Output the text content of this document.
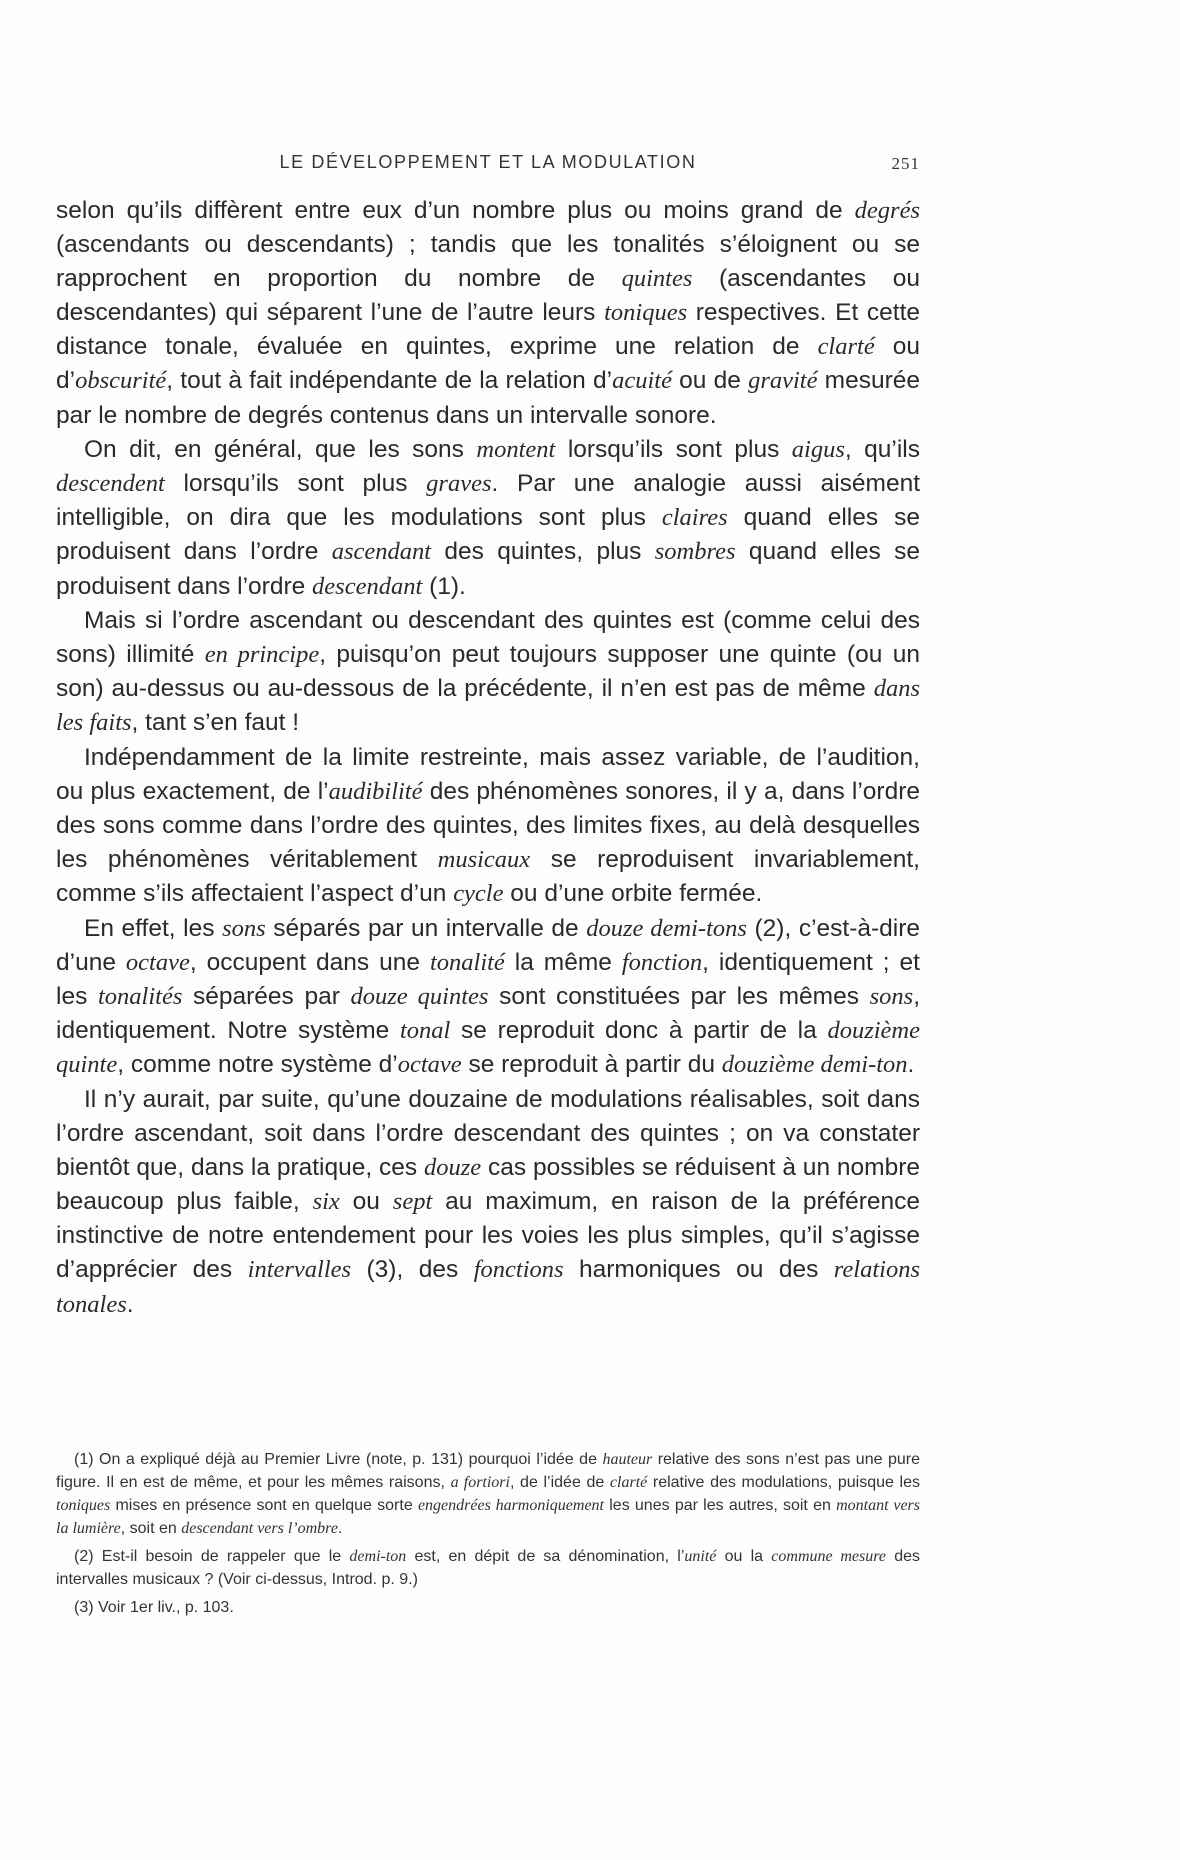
LE DÉVELOPPEMENT ET LA MODULATION	251

selon qu’ils diffèrent entre eux d’un nombre plus ou moins grand de degrés (ascendants ou descendants) ; tandis que les tonalités s’éloignent ou se rapprochent en proportion du nombre de quintes (ascendantes ou descendantes) qui séparent l’une de l’autre leurs toniques respectives. Et cette distance tonale, évaluée en quintes, exprime une relation de clarté ou d’obscurité, tout à fait indépendante de la relation d’acuité ou de gravité mesurée par le nombre de degrés contenus dans un intervalle sonore.

On dit, en général, que les sons montent lorsqu’ils sont plus aigus, qu’ils descendent lorsqu’ils sont plus graves. Par une analogie aussi aisément intelligible, on dira que les modulations sont plus claires quand elles se produisent dans l’ordre ascendant des quintes, plus sombres quand elles se produisent dans l’ordre descendant (1).

Mais si l’ordre ascendant ou descendant des quintes est (comme celui des sons) illimité en principe, puisqu’on peut toujours supposer une quinte (ou un son) au-dessus ou au-dessous de la précédente, il n’en est pas de même dans les faits, tant s’en faut !

Indépendamment de la limite restreinte, mais assez variable, de l’audition, ou plus exactement, de l’audibilité des phénomènes sonores, il y a, dans l’ordre des sons comme dans l’ordre des quintes, des limites fixes, au delà desquelles les phénomènes véritablement musicaux se reproduisent invariablement, comme s’ils affectaient l’aspect d’un cycle ou d’une orbite fermée.

En effet, les sons séparés par un intervalle de douze demi-tons (2), c’est-à-dire d’une octave, occupent dans une tonalité la même fonction, identiquement ; et les tonalités séparées par douze quintes sont constituées par les mêmes sons, identiquement. Notre système tonal se reproduit donc à partir de la douzième quinte, comme notre système d’octave se reproduit à partir du douzième demi-ton.

Il n’y aurait, par suite, qu’une douzaine de modulations réalisables, soit dans l’ordre ascendant, soit dans l’ordre descendant des quintes ; on va constater bientôt que, dans la pratique, ces douze cas possibles se réduisent à un nombre beaucoup plus faible, six ou sept au maximum, en raison de la préférence instinctive de notre entendement pour les voies les plus simples, qu’il s’agisse d’apprécier des intervalles (3), des fonctions harmoniques ou des relations tonales.

(1) On a expliqué déjà au Premier Livre (note, p. 131) pourquoi l’idée de hauteur relative des sons n’est pas une pure figure. Il en est de même, et pour les mêmes raisons, a fortiori, de l’idée de clarté relative des modulations, puisque les toniques mises en présence sont en quelque sorte engendrées harmoniquement les unes par les autres, soit en montant vers la lumière, soit en descendant vers l’ombre.

(2) Est-il besoin de rappeler que le demi-ton est, en dépit de sa dénomination, l’unité ou la commune mesure des intervalles musicaux ? (Voir ci-dessus, Introd. p. 9.)

(3) Voir 1er liv., p. 103.
